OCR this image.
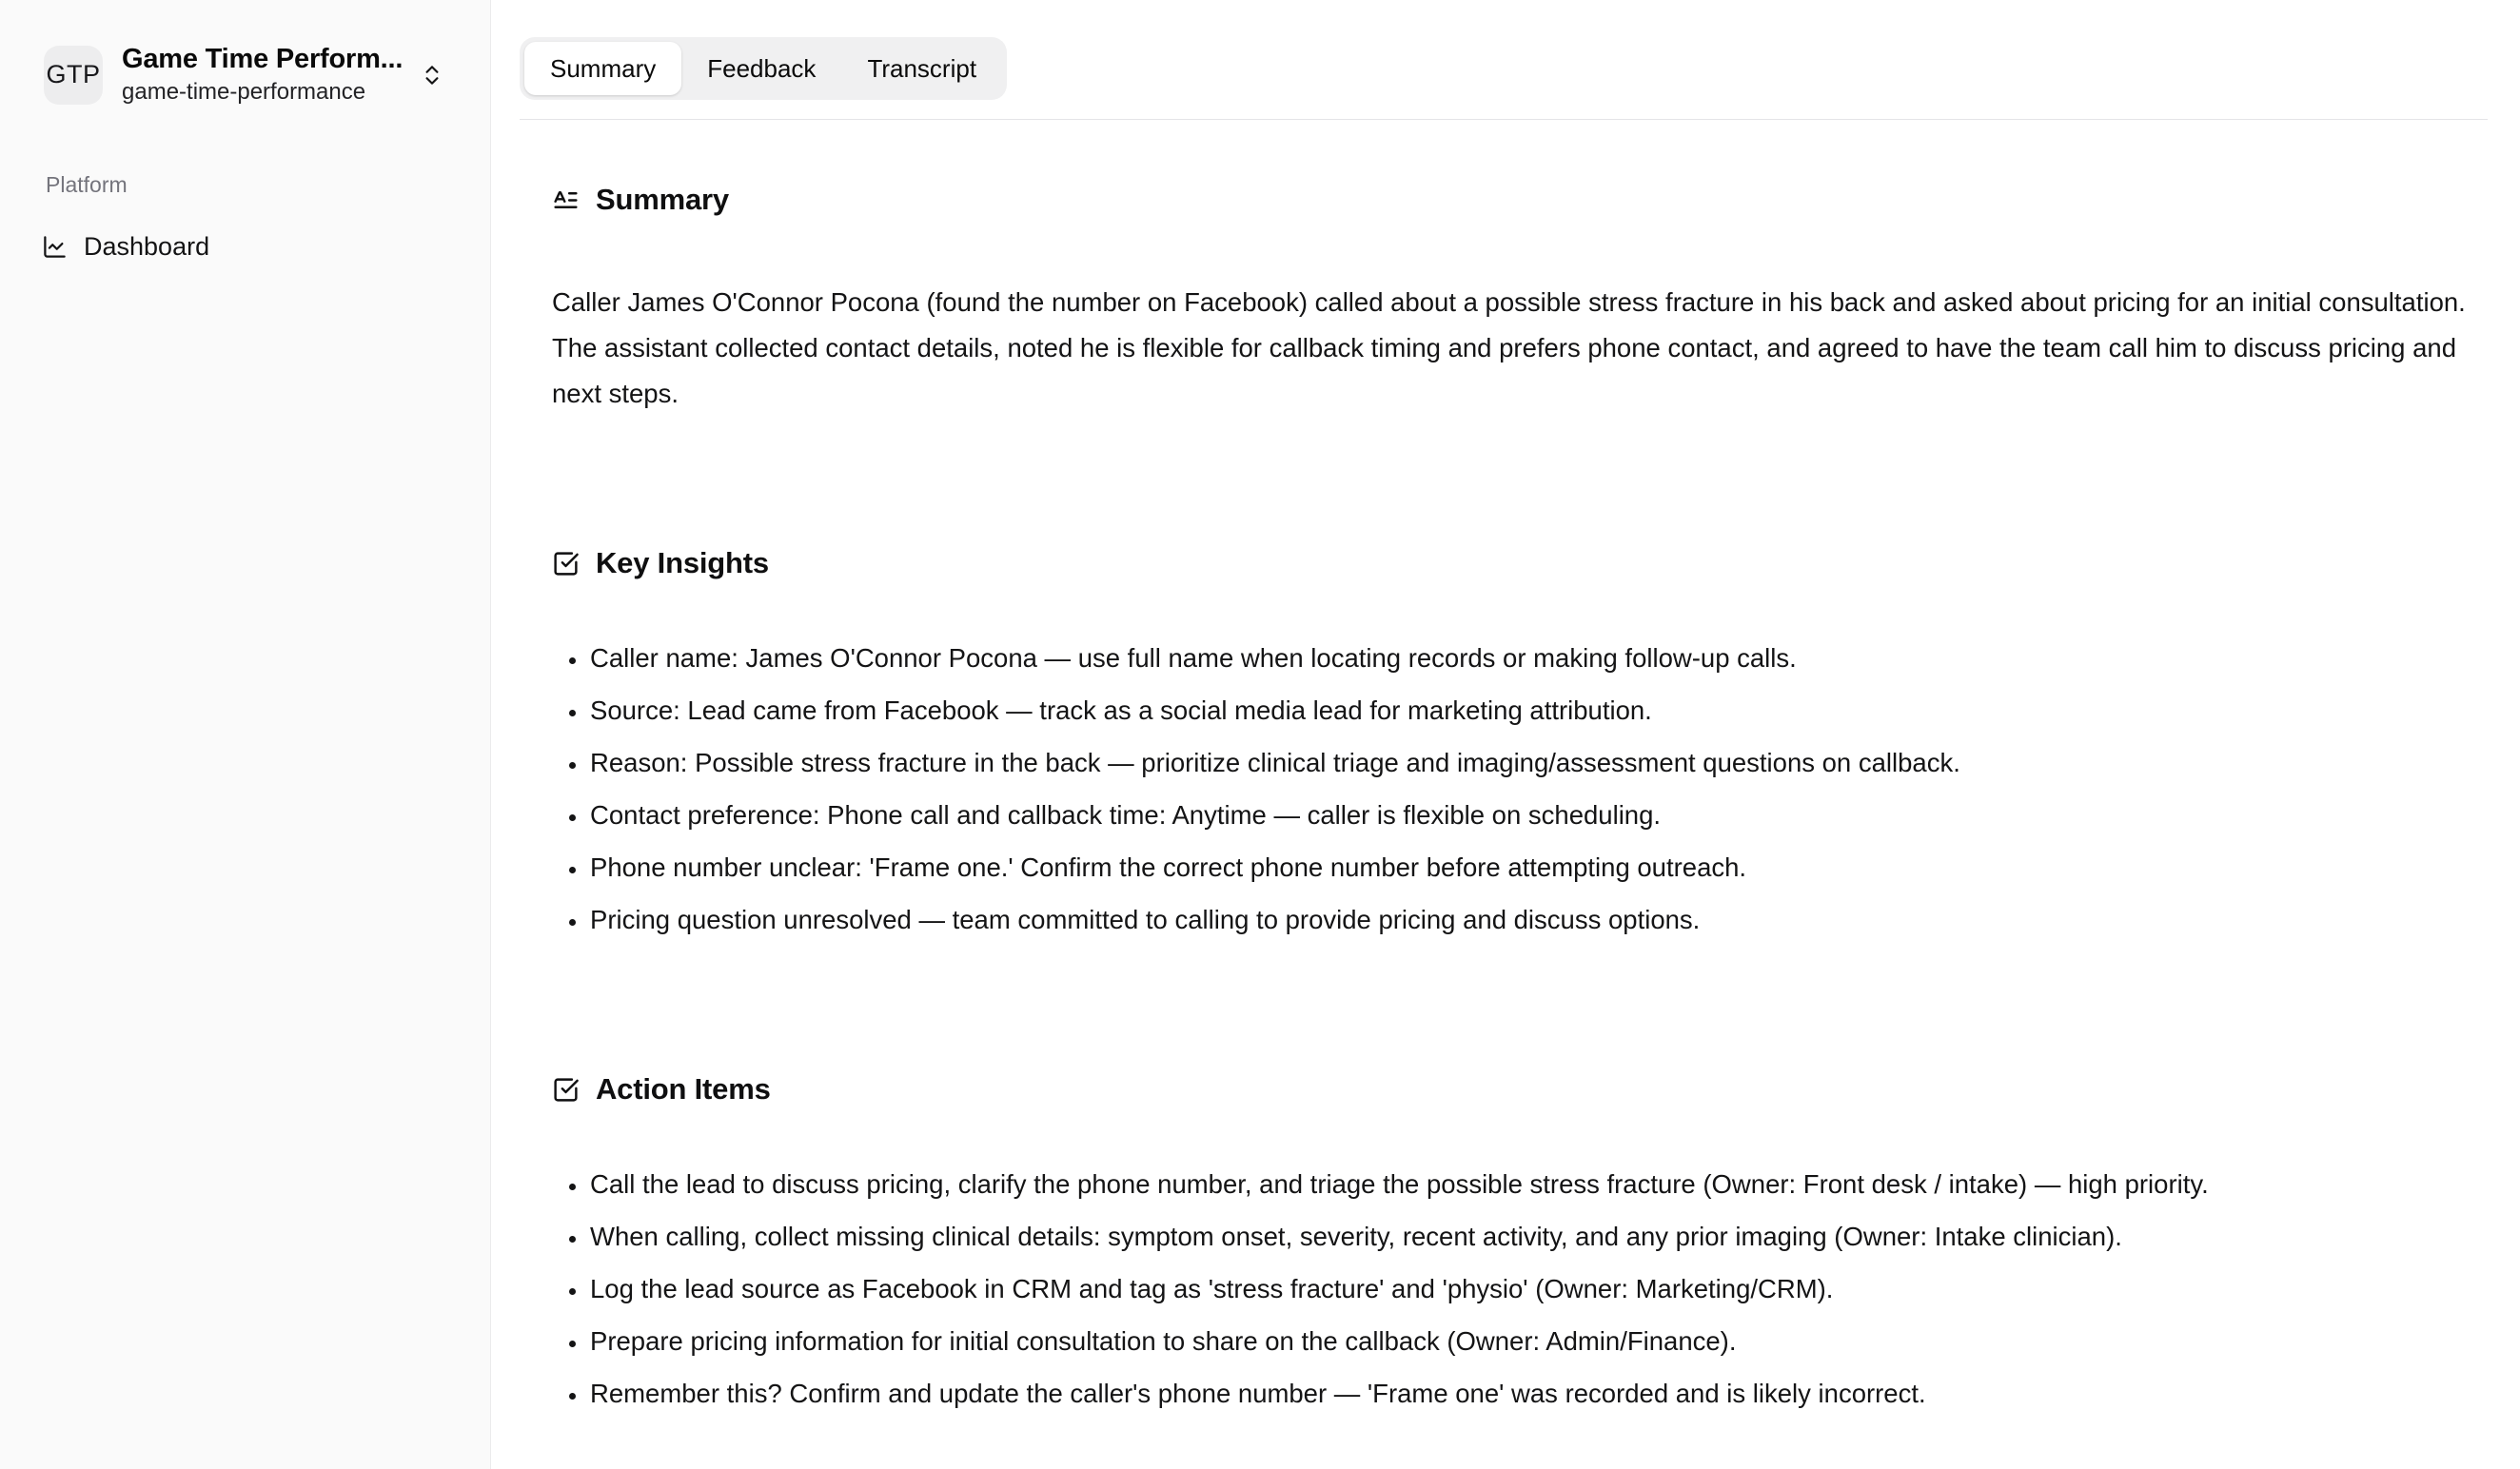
GTP Game Time Perform...
game-time-performance
Platform
Dashboard
Summary	Feedback	Transcript
Summary

Caller James O'Connor Pocona (found the number on Facebook) called about a possible stress fracture in his back and asked about pricing for an initial consultation. The assistant collected contact details, noted he is flexible for callback timing and prefers phone contact, and agreed to have the team call him to discuss pricing and next steps.

Key Insights
• Caller name: James O'Connor Pocona — use full name when locating records or making follow-up calls.
• Source: Lead came from Facebook — track as a social media lead for marketing attribution.
• Reason: Possible stress fracture in the back — prioritize clinical triage and imaging/assessment questions on callback.
• Contact preference: Phone call and callback time: Anytime — caller is flexible on scheduling.
• Phone number unclear: 'Frame one.' Confirm the correct phone number before attempting outreach.
• Pricing question unresolved — team committed to calling to provide pricing and discuss options.
Action Items
• Call the lead to discuss pricing, clarify the phone number, and triage the possible stress fracture (Owner: Front desk / intake) — high priority.
• When calling, collect missing clinical details: symptom onset, severity, recent activity, and any prior imaging (Owner: Intake clinician).
• Log the lead source as Facebook in CRM and tag as 'stress fracture' and 'physio' (Owner: Marketing/CRM).
• Prepare pricing information for initial consultation to share on the callback (Owner: Admin/Finance).
• Remember this? Confirm and update the caller's phone number — 'Frame one' was recorded and is likely incorrect.
